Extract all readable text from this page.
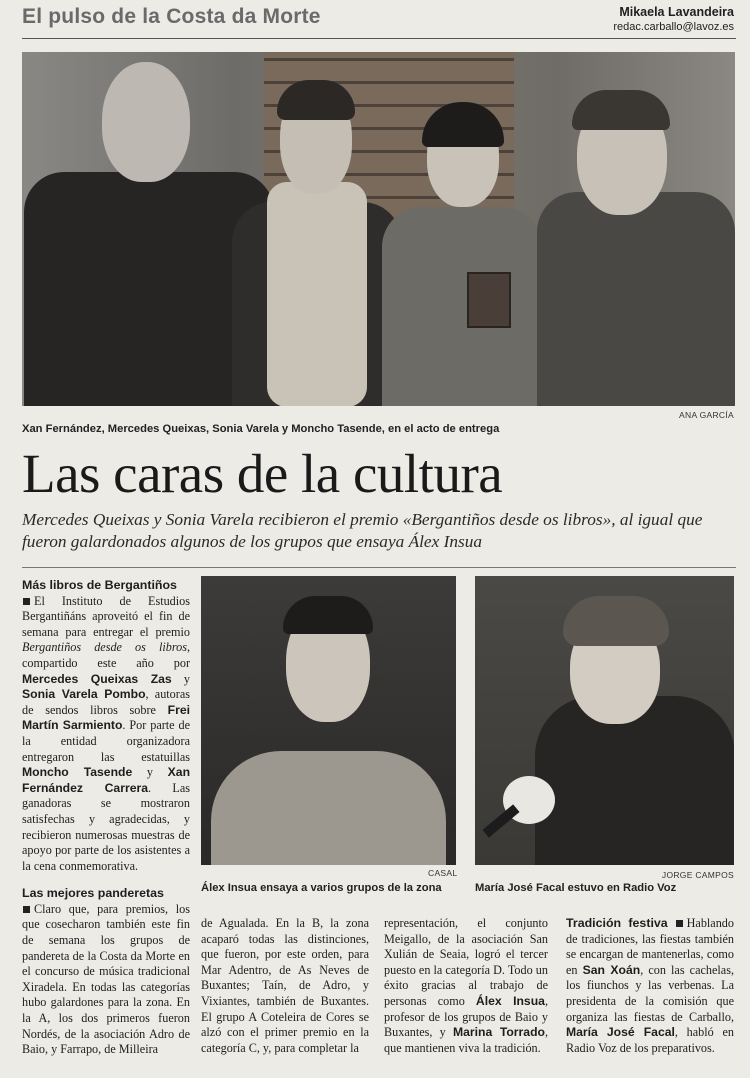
El pulso de la Costa da Morte	Mikaela Lavandeira
redac.carballo@lavoz.es
ANA GARCÍA
Xan Fernández, Mercedes Queixas, Sonia Varela y Moncho Tasende, en el acto de entrega
Las caras de la cultura
Mercedes Queixas y Sonia Varela recibieron el premio «Bergantiños desde os libros», al igual que fueron galardonados algunos de los grupos que ensaya Álex Insua
Más libros de Bergantiños
El Instituto de Estudios Bergantiñáns aproveitó el fin de semana para entregar el premio Bergantiños desde os libros, compartido este año por Mercedes Queixas Zas y Sonia Varela Pombo, autoras de sendos libros sobre Frei Martín Sarmiento. Por parte de la entidad organizadora entregaron las estatuillas Moncho Tasende y Xan Fernández Carrera. Las ganadoras se mostraron satisfechas y agradecidas, y recibieron numerosas muestras de apoyo por parte de los asistentes a la cena conmemorativa.
Las mejores panderetas
Claro que, para premios, los que cosecharon también este fin de semana los grupos de pandereta de la Costa da Morte en el concurso de música tradicional Xiradela. En todas las categorías hubo galardones para la zona. En la A, los dos primeros fueron Nordés, de la asociación Adro de Baio, y Farrapo, de Milleira
CASAL
Álex Insua ensaya a varios grupos de la zona
JORGE CAMPOS
María José Facal estuvo en Radio Voz
de Agualada. En la B, la zona acaparó todas las distinciones, que fueron, por este orden, para Mar Adentro, de As Neves de Buxantes; Taín, de Adro, y Vixiantes, también de Buxantes. El grupo A Coteleira de Cores se alzó con el primer premio en la categoría C, y, para completar la
representación, el conjunto Meigallo, de la asociación San Xulián de Seaia, logró el tercer puesto en la categoría D. Todo un éxito gracias al trabajo de personas como Álex Insua, profesor de los grupos de Baio y Buxantes, y Marina Torrado, que mantienen viva la tradición.
Tradición festiva Hablando de tradiciones, las fiestas también se encargan de mantenerlas, como en San Xoán, con las cachelas, los fiunchos y las verbenas. La presidenta de la comisión que organiza las fiestas de Carballo, María José Facal, habló en Radio Voz de los preparativos.
